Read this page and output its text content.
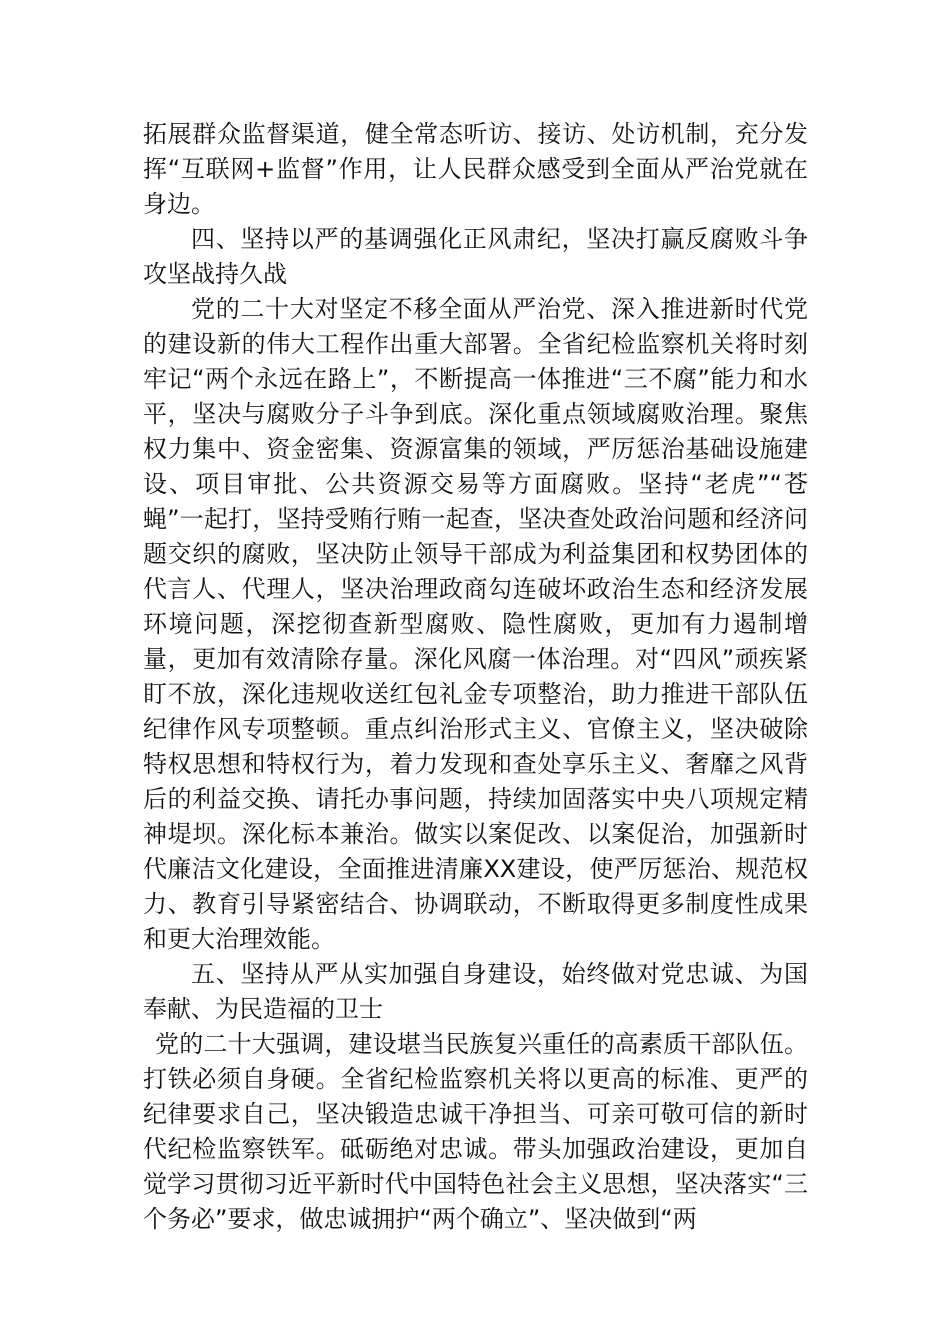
拓展群众监督渠道，健全常态听访、接访、处访机制，充分发挥“互联网+监督”作用，让人民群众感受到全面从严治党就在身边。

四、坚持以严的基调强化正风肃纪，坚决打赢反腐败斗争攻坚战持久战

党的二十大对坚定不移全面从严治党、深入推进新时代党的建设新的伟大工程作出重大部署。全省纪检监察机关将时刻牢记“两个永远在路上”，不断提高一体推进“三不腐”能力和水平，坚决与腐败分子斗争到底。深化重点领域腐败治理。聚焦权力集中、资金密集、资源富集的领域，严厉惩治基础设施建设、项目审批、公共资源交易等方面腐败。坚持“老虎”“苍蝇”一起打，坚持受贿行贿一起查，坚决查处政治问题和经济问题交织的腐败，坚决防止领导干部成为利益集团和权势团体的代言人、代理人，坚决治理政商勾连破坏政治生态和经济发展环境问题，深挖彻查新型腐败、隐性腐败，更加有力遏制增量，更加有效清除存量。深化风腐一体治理。对“四风”顽疾紧盯不放，深化违规收送红包礼金专项整治，助力推进干部队伍纪律作风专项整顿。重点纠治形式主义、官僚主义，坚决破除特权思想和特权行为，着力发现和查处享乐主义、奢靡之风背后的利益交换、请托办事问题，持续加固落实中央八项规定精神堤坝。深化标本兼治。做实以案促改、以案促治，加强新时代廉洁文化建设，全面推进清廉XX建设，使严厉惩治、规范权力、教育引导紧密结合、协调联动，不断取得更多制度性成果和更大治理效能。

五、坚持从严从实加强自身建设，始终做对党忠诚、为国奉献、为民造福的卫士

党的二十大强调，建设堪当民族复兴重任的高素质干部队伍。打铁必须自身硬。全省纪检监察机关将以更高的标准、更严的纪律要求自己，坚决锻造忠诚干净担当、可亲可敬可信的新时代纪检监察铁军。砥砺绝对忠诚。带头加强政治建设，更加自觉学习贯彻习近平新时代中国特色社会主义思想，坚决落实“三个务必”要求，做忠诚拥护“两个确立”、坚决做到“两
